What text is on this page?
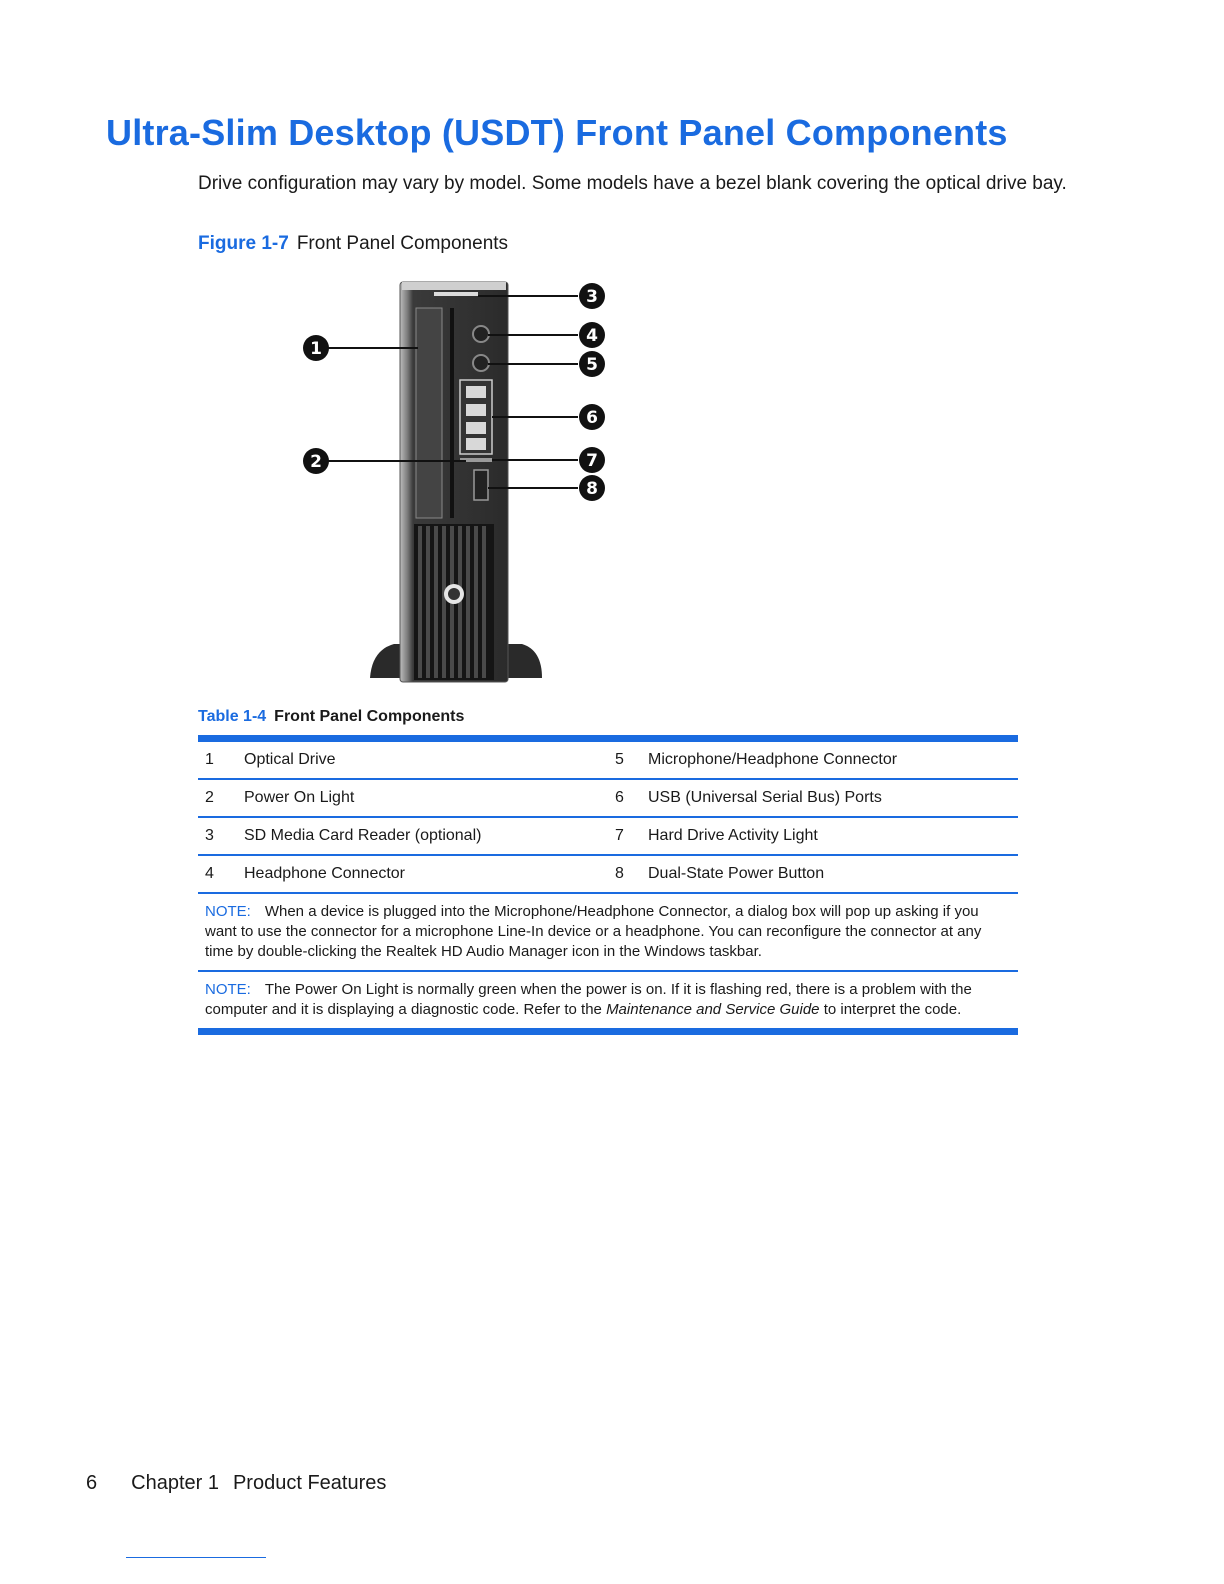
Ultra-Slim Desktop (USDT) Front Panel Components

Drive configuration may vary by model. Some models have a bezel blank covering the optical drive bay.

Figure 1-7 Front Panel Components
1
2
3
4
5
6
7
8
Table 1-4 Front Panel Components
1	Optical Drive	5	Microphone/Headphone Connector
2	Power On Light	6	USB (Universal Serial Bus) Ports
3	SD Media Card Reader (optional)	7	Hard Drive Activity Light
4	Headphone Connector	8	Dual-State Power Button
NOTE: When a device is plugged into the Microphone/Headphone Connector, a dialog box will pop up asking if you want to use the connector for a microphone Line-In device or a headphone. You can reconfigure the connector at any time by double-clicking the Realtek HD Audio Manager icon in the Windows taskbar.
NOTE: The Power On Light is normally green when the power is on. If it is flashing red, there is a problem with the computer and it is displaying a diagnostic code. Refer to the Maintenance and Service Guide to interpret the code.
6 Chapter 1 Product Features
